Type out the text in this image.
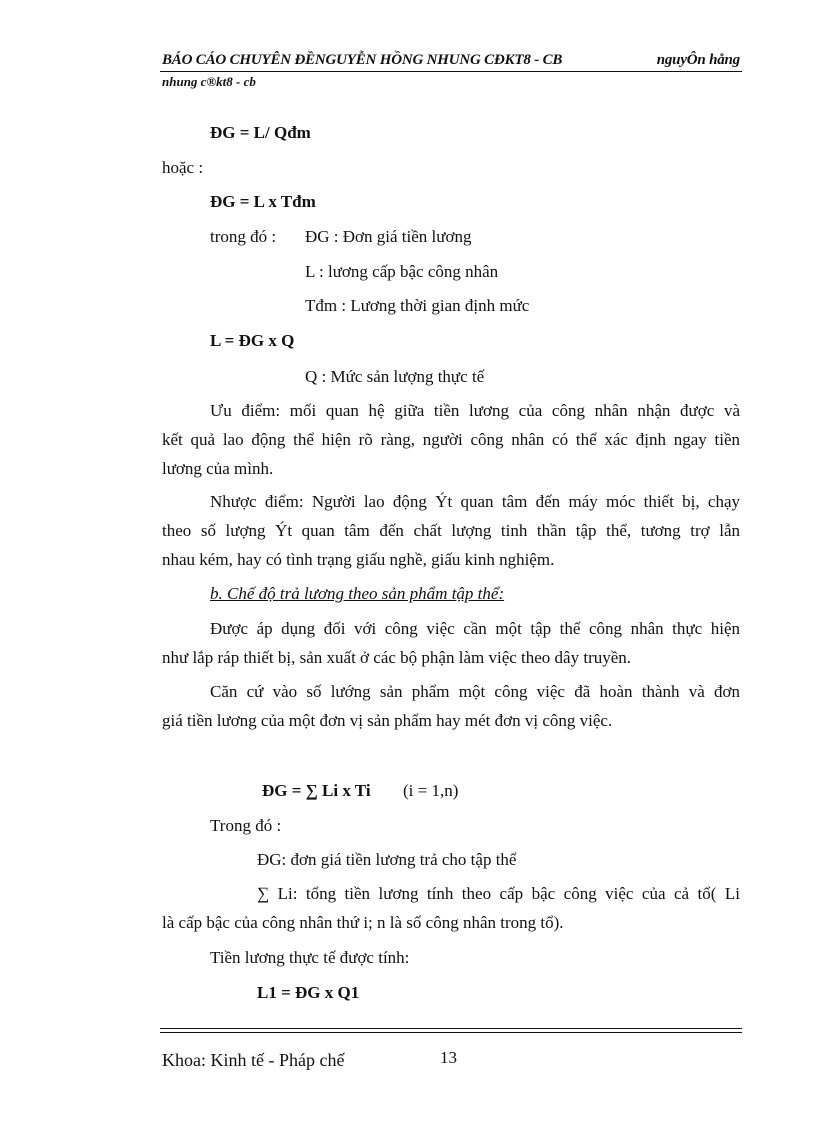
BÁO CÁO CHUYÊN ĐỀNGUYỄN HỒNG NHUNG CĐKT8 - CB	nguyÔn hång
nhung c®kt8 - cb
ĐG = L/ Qđm
hoặc :
ĐG = L x Tđm
trong đó : ĐG : Đơn giá tiền lương
L : lương cấp bậc công nhân
Tđm : Lương thời gian định mức
L = ĐG x Q
Q : Mức sản lượng thực tế
Ưu điểm: mối quan hệ giữa tiền lương của công nhân nhận được và
kết quả lao động thể hiện rõ ràng, người công nhân có thể xác định ngay tiền
lương của mình.
Nhược điểm: Người lao động Ýt quan tâm đến máy móc thiết bị, chạy
theo số lượng Ýt quan tâm đến chất lượng tinh thần tập thể, tương trợ lẫn
nhau kém, hay có tình trạng giấu nghề, giấu kinh nghiệm.
b. Chế độ trả lương theo sản phẩm tập thể:
Được áp dụng đối với công việc cần một tập thể công nhân thực hiện
như lắp ráp thiết bị, sản xuất ở các bộ phận làm việc theo dây truyền.
Căn cứ vào số lướng sản phẩm một công việc đã hoàn thành và đơn
giá tiền lương của một đơn vị sản phẩm hay mét đơn vị công việc.
ĐG = ∑ Li x Ti (i = 1,n)
Trong đó :
ĐG: đơn giá tiền lương trả cho tập thể
∑ Li: tổng tiền lương tính theo cấp bậc công việc của cả tổ( Li
là cấp bậc của công nhân thứ i; n là số công nhân trong tổ).
Tiền lương thực tế được tính:
L1 = ĐG x Q1
Khoa: Kinh tế - Pháp chế	13
